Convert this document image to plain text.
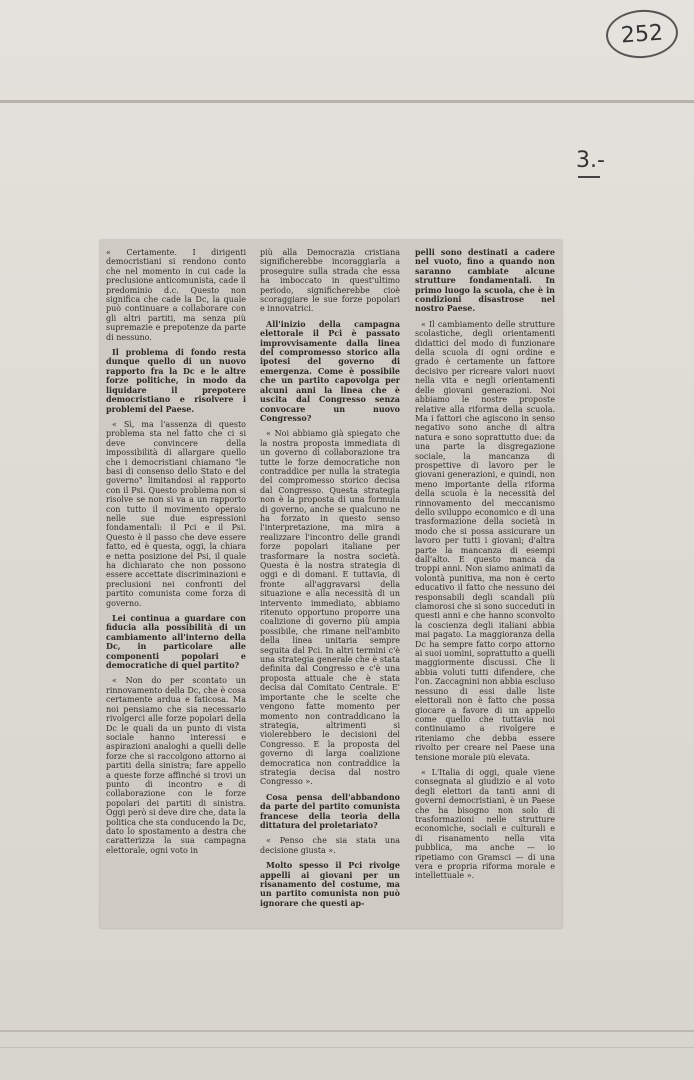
252
3.-

« Certamente. I dirigenti democristiani si rendono conto che nel momento in cui cade la preclusione anticomunista, cade il predominio d.c. Questo non significa che cade la Dc, la quale può continuare a collaborare con gli altri partiti, ma senza più supremazie e prepotenze da parte di nessuno.

Il problema di fondo resta dunque quello di un nuovo rapporto fra la Dc e le altre forze politiche, in modo da liquidare il prepotere democristiano e risolvere i problemi del Paese.

« Sì, ma l'assenza di questo problema sta nel fatto che ci si deve convincere della impossibilità di allargare quello che i democristiani chiamano "le basi di consenso dello Stato e del governo" limitandosi al rapporto con il Psi. Questo problema non si risolve se non si va a un rapporto con tutto il movimento operaio nelle sue due espressioni fondamentali: il Pci e il Psi. Questo è il passo che deve essere fatto, ed è questa, oggi, la chiara e netta posizione del Psi, il quale ha dichiarato che non possono essere accettate discriminazioni e preclusioni nei confronti del partito comunista come forza di governo.

Lei continua a guardare con fiducia alla possibilità di un cambiamento all'interno della Dc, in particolare alle componenti popolari e democratiche di quel partito?

« Non do per scontato un rinnovamento della Dc, che è cosa certamente ardua e faticosa. Ma noi pensiamo che sia necessario rivolgerci alle forze popolari della Dc le quali da un punto di vista sociale hanno interessi e aspirazioni analoghi a quelli delle forze che si raccolgono attorno ai partiti della sinistra; fare appello a queste forze affinché si trovi un punto di incontro e di collaborazione con le forze popolari dei partiti di sinistra. Oggi però si deve dire che, data la politica che sta conducendo la Dc, dato lo spostamento a destra che caratterizza la sua campagna elettorale, ogni voto in

più alla Democrazia cristiana significherebbe incoraggiarla a proseguire sulla strada che essa ha imboccato in quest'ultimo periodo, significherebbe cioè scoraggiare le sue forze popolari e innovatrici.

All'inizio della campagna elettorale il Pci è passato improvvisamente dalla linea del compromesso storico alla ipotesi del governo di emergenza. Come è possibile che un partito capovolga per alcuni anni la linea che è uscita dal Congresso senza convocare un nuovo Congresso?

« Noi abbiamo già spiegato che la nostra proposta immediata di un governo di collaborazione tra tutte le forze democratiche non contraddice per nulla la strategia del compromesso storico decisa dal Congresso. Questa strategia non è la proposta di una formula di governo, anche se qualcuno ne ha forzato in questo senso l'interpretazione, ma mira a realizzare l'incontro delle grandi forze popolari italiane per trasformare la nostra società. Questa è la nostra strategia di oggi e di domani. E tuttavia, di fronte all'aggravarsi della situazione e alla necessità di un intervento immediato, abbiamo ritenuto opportuno proporre una coalizione di governo più ampia possibile, che rimane nell'ambito della linea unitaria sempre seguita dal Pci. In altri termini c'è una strategia generale che è stata definita dal Congresso e c'è una proposta attuale che è stata decisa dal Comitato Centrale. E' importante che le scelte che vengono fatte momento per momento non contraddicano la strategia, altrimenti si violerebbero le decisioni del Congresso. E la proposta del governo di larga coalizione democratica non contraddice la strategia decisa dal nostro Congresso ».

Cosa pensa dell'abbandono da parte del partito comunista francese della teoria della dittatura del proletariato?

« Penso che sia stata una decisione giusta ».

Molto spesso il Pci rivolge appelli ai giovani per un risanamento del costume, ma un partito comunista non può ignorare che questi ap-

pelli sono destinati a cadere nel vuoto, fino a quando non saranno cambiate alcune strutture fondamentali. In primo luogo la scuola, che è in condizioni disastrose nel nostro Paese.

« Il cambiamento delle strutture scolastiche, degli orientamenti didattici del modo di funzionare della scuola di ogni ordine e grado è certamente un fattore decisivo per ricreare valori nuovi nella vita e negli orientamenti delle giovani generazioni. Noi abbiamo le nostre proposte relative alla riforma della scuola. Ma i fattori che agiscono in senso negativo sono anche di altra natura e sono soprattutto due: da una parte la disgregazione sociale, la mancanza di prospettive di lavoro per le giovani generazioni, e quindi, non meno importante della riforma della scuola è la necessità del rinnovamento del meccanismo dello sviluppo economico e di una trasformazione della società in modo che si possa assicurare un lavoro per tutti i giovani; d'altra parte la mancanza di esempi dall'alto. E questo manca da troppi anni. Non siamo animati da volontà punitiva, ma non è certo educativo il fatto che nessuno dei responsabili degli scandali più clamorosi che si sono succeduti in questi anni e che hanno sconvolto la coscienza degli italiani abbia mai pagato. La maggioranza della Dc ha sempre fatto corpo attorno ai suoi uomini, soprattutto a quelli maggiormente discussi. Che li abbia voluti tutti difendere, che l'on. Zaccagnini non abbia escluso nessuno di essi dalle liste elettorali non è fatto che possa giocare a favore di un appello come quello che tuttavia noi continuiamo a rivolgere e riteniamo che debba essere rivolto per creare nel Paese una tensione morale più elevata.

« L'Italia di oggi, quale viene consegnata al giudizio e al voto degli elettori da tanti anni di governi democristiani, è un Paese che ha bisogno non solo di trasformazioni nelle strutture economiche, sociali e culturali e di risanamento nella vita pubblica, ma anche — io ripetiamo con Gramsci — di una vera e propria riforma morale e intellettuale ».
